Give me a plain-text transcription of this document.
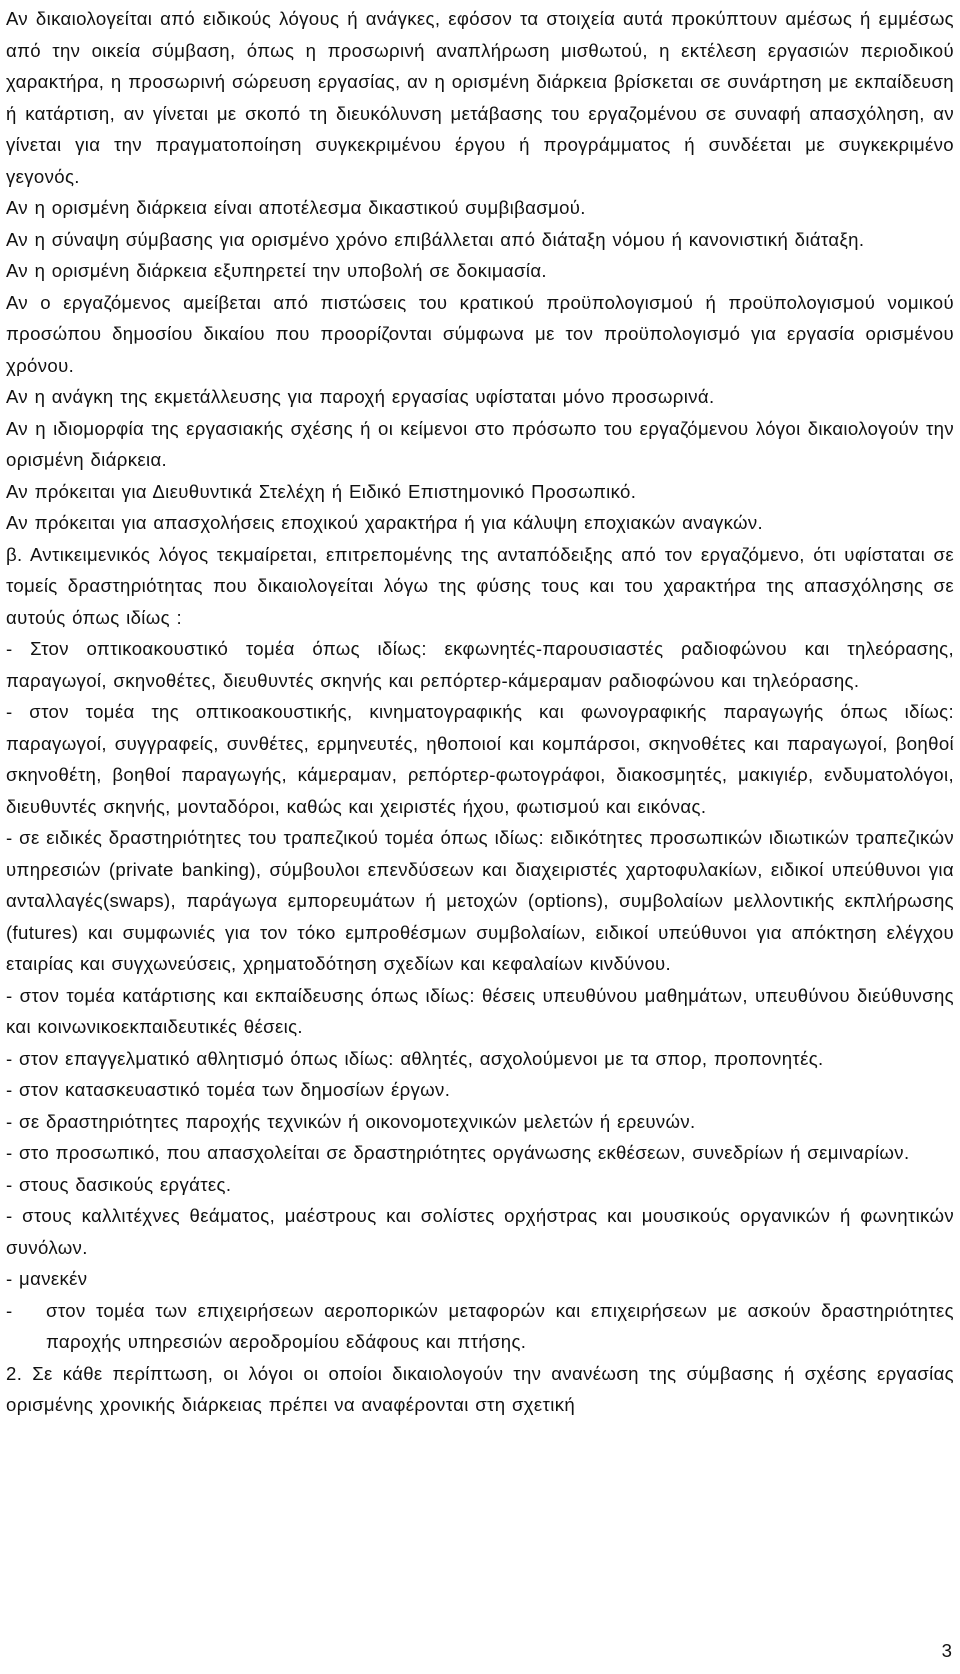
Αν δικαιολογείται από ειδικούς λόγους ή ανάγκες, εφόσον τα στοιχεία αυτά προκύπτουν αμέσως ή εμμέσως από την οικεία σύμβαση, όπως η προσωρινή αναπλήρωση μισθωτού, η εκτέλεση εργασιών περιοδικού χαρακτήρα, η προσωρινή σώρευση εργασίας, αν η ορισμένη διάρκεια βρίσκεται σε συνάρτηση με εκπαίδευση ή κατάρτιση, αν γίνεται με σκοπό τη διευκόλυνση μετάβασης του εργαζομένου σε συναφή απασχόληση, αν γίνεται για την πραγματοποίηση συγκεκριμένου έργου ή προγράμματος ή συνδέεται με συγκεκριμένο γεγονός.

Αν η ορισμένη διάρκεια είναι αποτέλεσμα δικαστικού συμβιβασμού.

Αν η σύναψη σύμβασης για ορισμένο χρόνο επιβάλλεται από διάταξη νόμου ή κανονιστική διάταξη.

Αν η ορισμένη διάρκεια εξυπηρετεί την υποβολή σε δοκιμασία.

Αν ο εργαζόμενος αμείβεται από πιστώσεις του κρατικού προϋπολογισμού ή προϋπολογισμού νομικού προσώπου δημοσίου δικαίου που προορίζονται σύμφωνα με τον προϋπολογισμό για εργασία ορισμένου χρόνου.

Αν η ανάγκη της εκμετάλλευσης για παροχή εργασίας υφίσταται μόνο προσωρινά.

Αν η ιδιομορφία της εργασιακής σχέσης ή οι κείμενοι στο πρόσωπο του εργαζόμενου λόγοι δικαιολογούν την ορισμένη διάρκεια.

Αν πρόκειται για Διευθυντικά Στελέχη ή Ειδικό Επιστημονικό Προσωπικό.

Αν πρόκειται για απασχολήσεις εποχικού χαρακτήρα ή για κάλυψη εποχιακών αναγκών.

β. Αντικειμενικός λόγος τεκμαίρεται, επιτρεπομένης της ανταπόδειξης από τον εργαζόμενο, ότι υφίσταται σε τομείς δραστηριότητας που δικαιολογείται λόγω της φύσης τους και του χαρακτήρα της απασχόλησης σε αυτούς όπως ιδίως :

- Στον οπτικοακουστικό τομέα όπως ιδίως: εκφωνητές-παρουσιαστές ραδιοφώνου και τηλεόρασης, παραγωγοί, σκηνοθέτες, διευθυντές σκηνής και ρεπόρτερ-κάμεραμαν ραδιοφώνου και τηλεόρασης.

- στον τομέα της οπτικοακουστικής, κινηματογραφικής και φωνογραφικής παραγωγής όπως ιδίως: παραγωγοί, συγγραφείς, συνθέτες, ερμηνευτές, ηθοποιοί και κομπάρσοι, σκηνοθέτες και παραγωγοί, βοηθοί σκηνοθέτη, βοηθοί παραγωγής, κάμεραμαν, ρεπόρτερ-φωτογράφοι, διακοσμητές, μακιγιέρ, ενδυματολόγοι, διευθυντές σκηνής, μονταδόροι, καθώς και χειριστές ήχου, φωτισμού και εικόνας.

- σε ειδικές δραστηριότητες του τραπεζικού τομέα όπως ιδίως: ειδικότητες προσωπικών ιδιωτικών τραπεζικών υπηρεσιών (private banking), σύμβουλοι επενδύσεων και διαχειριστές χαρτοφυλακίων, ειδικοί υπεύθυνοι για ανταλλαγές(swaps), παράγωγα εμπορευμάτων ή μετοχών (options), συμβολαίων μελλοντικής εκπλήρωσης (futures) και συμφωνιές για τον τόκο εμπροθέσμων συμβολαίων, ειδικοί υπεύθυνοι για απόκτηση ελέγχου εταιρίας και συγχωνεύσεις, χρηματοδότηση σχεδίων και κεφαλαίων κινδύνου.

- στον τομέα κατάρτισης και εκπαίδευσης όπως ιδίως: θέσεις υπευθύνου μαθημάτων, υπευθύνου διεύθυνσης και κοινωνικοεκπαιδευτικές θέσεις.

- στον επαγγελματικό αθλητισμό όπως ιδίως: αθλητές, ασχολούμενοι με τα σπορ, προπονητές.

- στον κατασκευαστικό τομέα των δημοσίων έργων.

- σε δραστηριότητες παροχής τεχνικών ή οικονομοτεχνικών μελετών ή ερευνών.

- στο προσωπικό, που απασχολείται σε δραστηριότητες οργάνωσης εκθέσεων, συνεδρίων ή σεμιναρίων.

- στους δασικούς εργάτες.

- στους καλλιτέχνες θεάματος, μαέστρους και σολίστες ορχήστρας και μουσικούς οργανικών ή φωνητικών συνόλων.

- μανεκέν

-	στον τομέα των επιχειρήσεων αεροπορικών μεταφορών και επιχειρήσεων με ασκούν δραστηριότητες παροχής υπηρεσιών αεροδρομίου εδάφους και πτήσης.

2. Σε κάθε περίπτωση, οι λόγοι οι οποίοι δικαιολογούν την ανανέωση της σύμβασης ή σχέσης εργασίας ορισμένης χρονικής διάρκειας πρέπει να αναφέρονται στη σχετική

3
